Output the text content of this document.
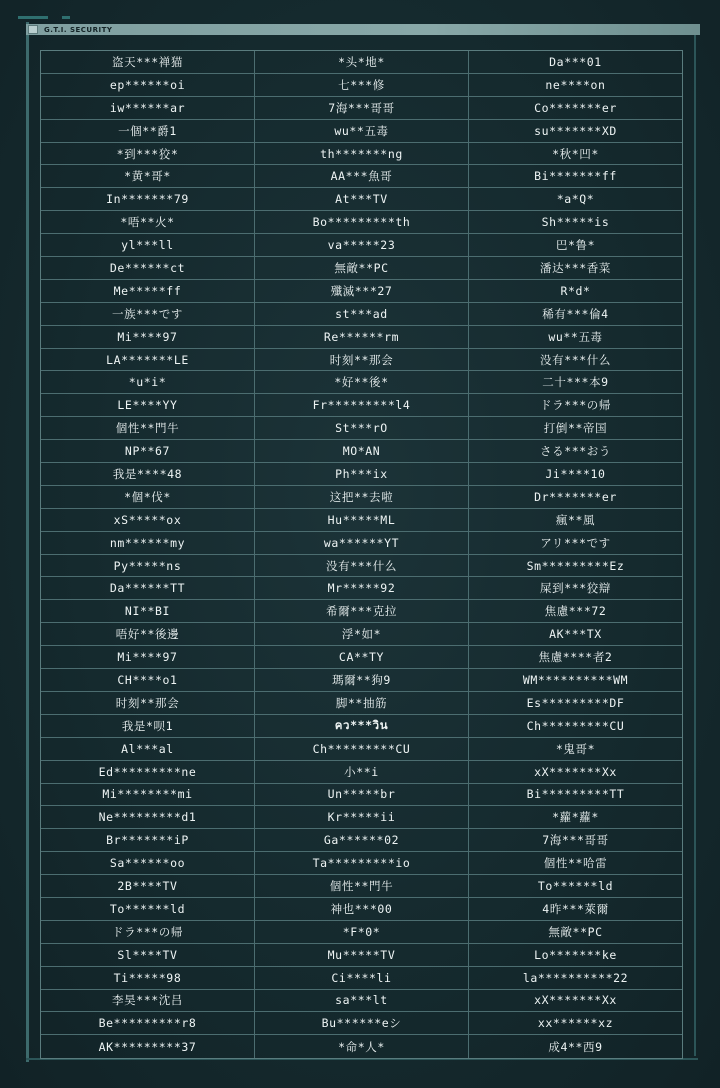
G.T.I. SECURITY
盗天***禅猫	*头*地*	Da***01
ep******oi	七***修	ne****on
iw******ar	7海***哥哥	Co*******er
一個**爵1	wu**五毒	su*******XD
*到***狡*	th*******ng	*秋*凹*
*黄*哥*	AA***魚哥	Bi*******ff
In*******79	At***TV	*a*Q*
*唔**火*	Bo*********th	Sh*****is
yl***ll	va*****23	巴*鲁*
De******ct	無敵**PC	潘达***香菜
Me*****ff	殲滅***27	R*d*
一族***です	st***ad	稀有***倫4
Mi****97	Re******rm	wu**五毒
LA*******LE	时刻**那会	没有***什么
*u*i*	*好**後*	二十***本9
LE****YY	Fr*********l4	ドラ***の帰
個性**門牛	St***rO	打倒**帝国
NP**67	MO*AN	さる***おう
我是****48	Ph***ix	Ji****10
*個*伐*	这把**去啦	Dr*******er
xS*****ox	Hu*****ML	瘋**風
nm******my	wa******YT	アリ***です
Py*****ns	没有***什么	Sm*********Ez
Da******TT	Mr*****92	屎到***狡辯
NI**BI	希爾***克拉	焦慮***72
唔好**後邊	浮*如*	AK***TX
Mi****97	CA**TY	焦慮****者2
CH****o1	瑪爾**狗9	WM**********WM
时刻**那会	脚**抽筋	Es*********DF
我是*呗1	คว***วิน	Ch*********CU
Al***al	Ch*********CU	*鬼哥*
Ed*********ne	小**i	xX*******Xx
Mi********mi	Un*****br	Bi*********TT
Ne*********d1	Kr*****ii	*蘿*蘿*
Br*******iP	Ga******02	7海***哥哥
Sa******oo	Ta*********io	個性**哈雷
2B****TV	個性**門牛	To******ld
To******ld	神也***00	4昨***萊爾
ドラ***の帰	*F*0*	無敵**PC
Sl****TV	Mu*****TV	Lo*******ke
Ti*****98	Ci****li	la**********22
李昊***沈吕	sa***lt	xX*******Xx
Be*********r8	Bu******eシ	xx******xz
AK*********37	*命*人*	成4**西9
